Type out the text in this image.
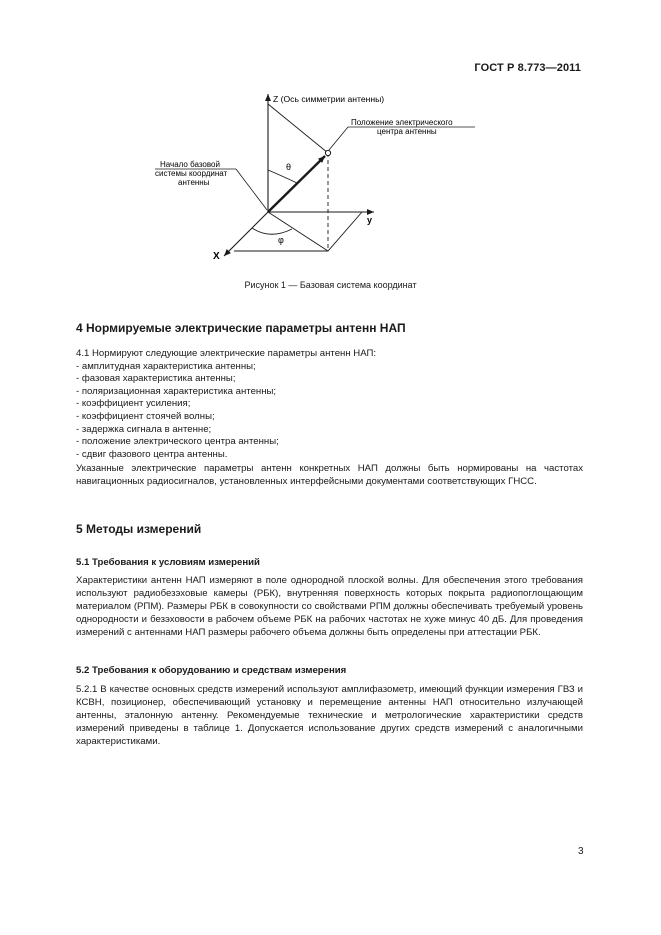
ГОСТ Р 8.773—2011
θ
φ
Z (Ось симметрии антенны)
y
X
Положение электрического
центра антенны
Начало базовой
системы координат
антенны
Рисунок 1 — Базовая система координат
4 Нормируемые электрические параметры антенн НАП
4.1 Нормируют следующие электрические параметры антенн НАП:
- амплитудная характеристика антенны;
- фазовая характеристика антенны;
- поляризационная характеристика антенны;
- коэффициент усиления;
- коэффициент стоячей волны;
- задержка сигнала в антенне;
- положение электрического центра антенны;
- сдвиг фазового центра антенны.
Указанные электрические параметры антенн конкретных НАП должны быть нормированы на частотах навигационных радиосигналов, установленных интерфейсными документами соответствующих ГНСС.
5 Методы измерений
5.1 Требования к условиям измерений
Характеристики антенн НАП измеряют в поле однородной плоской волны. Для обеспечения этого требования используют радиобезэховые камеры (РБК), внутренняя поверхность которых покрыта радиопоглощающим материалом (РПМ). Размеры РБК в совокупности со свойствами РПМ должны обеспечивать требуемый уровень однородности и безэховости в рабочем объеме РБК на рабочих частотах не хуже минус 40 дБ. Для проведения измерений с антеннами НАП размеры рабочего объема должны быть определены при аттестации РБК.
5.2 Требования к оборудованию и средствам измерения
5.2.1 В качестве основных средств измерений используют амплифазометр, имеющий функции измерения ГВЗ и КСВН, позиционер, обеспечивающий установку и перемещение антенны НАП относительно излучающей антенны, эталонную антенну. Рекомендуемые технические и метрологические характеристики средств измерений приведены в таблице 1. Допускается использование других средств измерений с аналогичными характеристиками.
3
